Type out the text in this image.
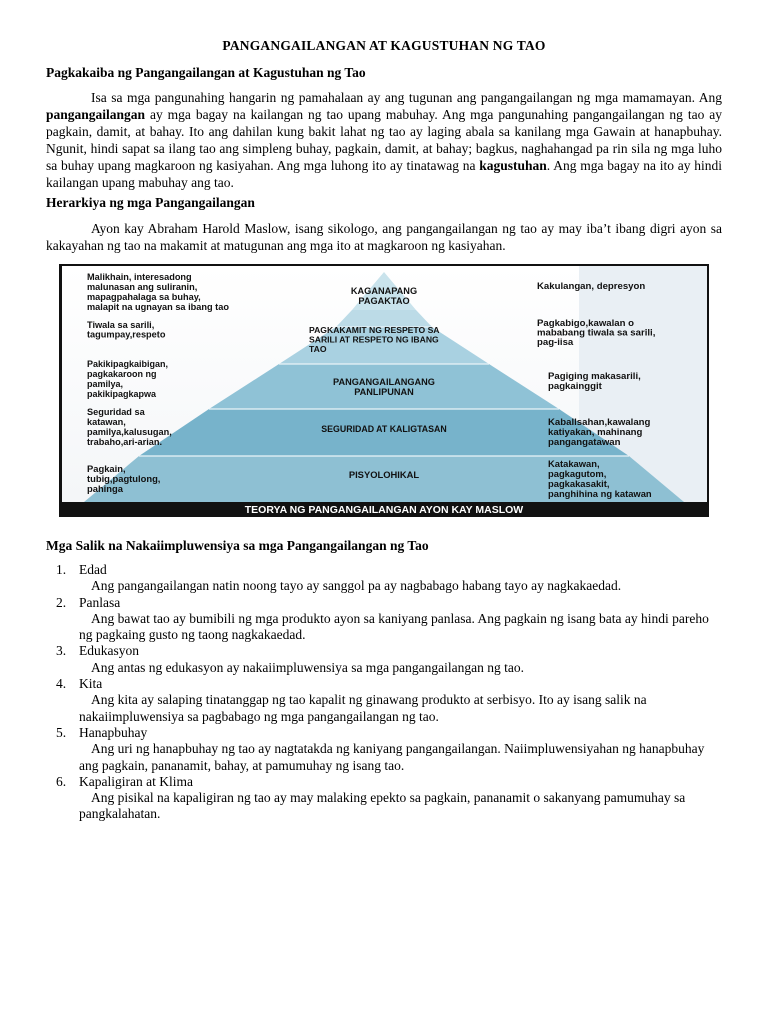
PANGANGAILANGAN AT KAGUSTUHAN NG TAO
Pagkakaiba ng Pangangailangan at Kagustuhan ng Tao
Isa sa mga pangunahing hangarin ng pamahalaan ay ang tugunan ang pangangailangan ng mga mamamayan. Ang pangangailangan ay mga bagay na kailangan ng tao upang mabuhay. Ang mga pangunahing pangangailangan ng tao ay pagkain, damit, at bahay. Ito ang dahilan kung bakit lahat ng tao ay laging abala sa kanilang mga Gawain at hanapbuhay. Ngunit, hindi sapat sa ilang tao ang simpleng buhay, pagkain, damit, at bahay; bagkus, naghahangad pa rin sila ng mga luho sa buhay upang magkaroon ng kasiyahan. Ang mga luhong ito ay tinatawag na kagustuhan. Ang mga bagay na ito ay hindi kailangan upang mabuhay ang tao.
Herarkiya ng mga Pangangailangan
Ayon kay Abraham Harold Maslow, isang sikologo, ang pangangailangan ng tao ay may iba’t ibang digri ayon sa kakayahan ng tao na makamit at matugunan ang mga ito at magkaroon ng kasiyahan.
KAGANAPANG
PAGAKTAO
Malikhain, interesadong
malunasan ang suliranin,
mapagpahalaga sa buhay,
malapit na ugnayan sa ibang tao
Kakulangan, depresyon
PAGKAKAMIT NG RESPETO SA
SARILI AT RESPETO NG IBANG
TAO
Tiwala sa sarili,
tagumpay,respeto
Pagkabigo,kawalan o
mababang tiwala sa sarili,
pag-iisa
PANGANGAILANGANG
PANLIPUNAN
Pakikipagkaibigan,
pagkakaroon ng
pamilya,
pakikipagkapwa
Pagiging makasarili,
pagkainggit
SEGURIDAD AT KALIGTASAN
Seguridad sa
katawan,
pamilya,kalusugan,
trabaho,ari-arian.
Kaballsahan,kawalang
katiyakan, mahinang
pangangatawan
PISYOLOHIKAL
Pagkain,
tubig,pagtulong,
pahinga
Katakawan,
pagkagutom,
pagkakasakit,
panghihina ng katawan
TEORYA NG PANGANGAILANGAN AYON KAY MASLOW
Mga Salik na Nakaiimpluwensiya sa mga Pangangailangan ng Tao
1. Edad
Ang pangangailangan natin noong tayo ay sanggol pa ay nagbabago habang tayo ay nagkakaedad.
2. Panlasa
Ang bawat tao ay bumibili ng mga produkto ayon sa kaniyang panlasa. Ang pagkain ng isang bata ay hindi pareho ng pagkaing gusto ng taong nagkakaedad.
3. Edukasyon
Ang antas ng edukasyon ay nakaiimpluwensiya sa mga pangangailangan ng tao.
4. Kita
Ang kita ay salaping tinatanggap ng tao kapalit ng ginawang produkto at serbisyo. Ito ay isang salik na nakaiimpluwensiya sa pagbabago ng mga pangangailangan ng tao.
5. Hanapbuhay
Ang uri ng hanapbuhay ng tao ay nagtatakda ng kaniyang pangangailangan. Naiimpluwensiyahan ng hanapbuhay ang pagkain, pananamit, bahay, at pamumuhay ng isang tao.
6. Kapaligiran at Klima
Ang pisikal na kapaligiran ng tao ay may malaking epekto sa pagkain, pananamit o sakanyang pamumuhay sa pangkalahatan.
